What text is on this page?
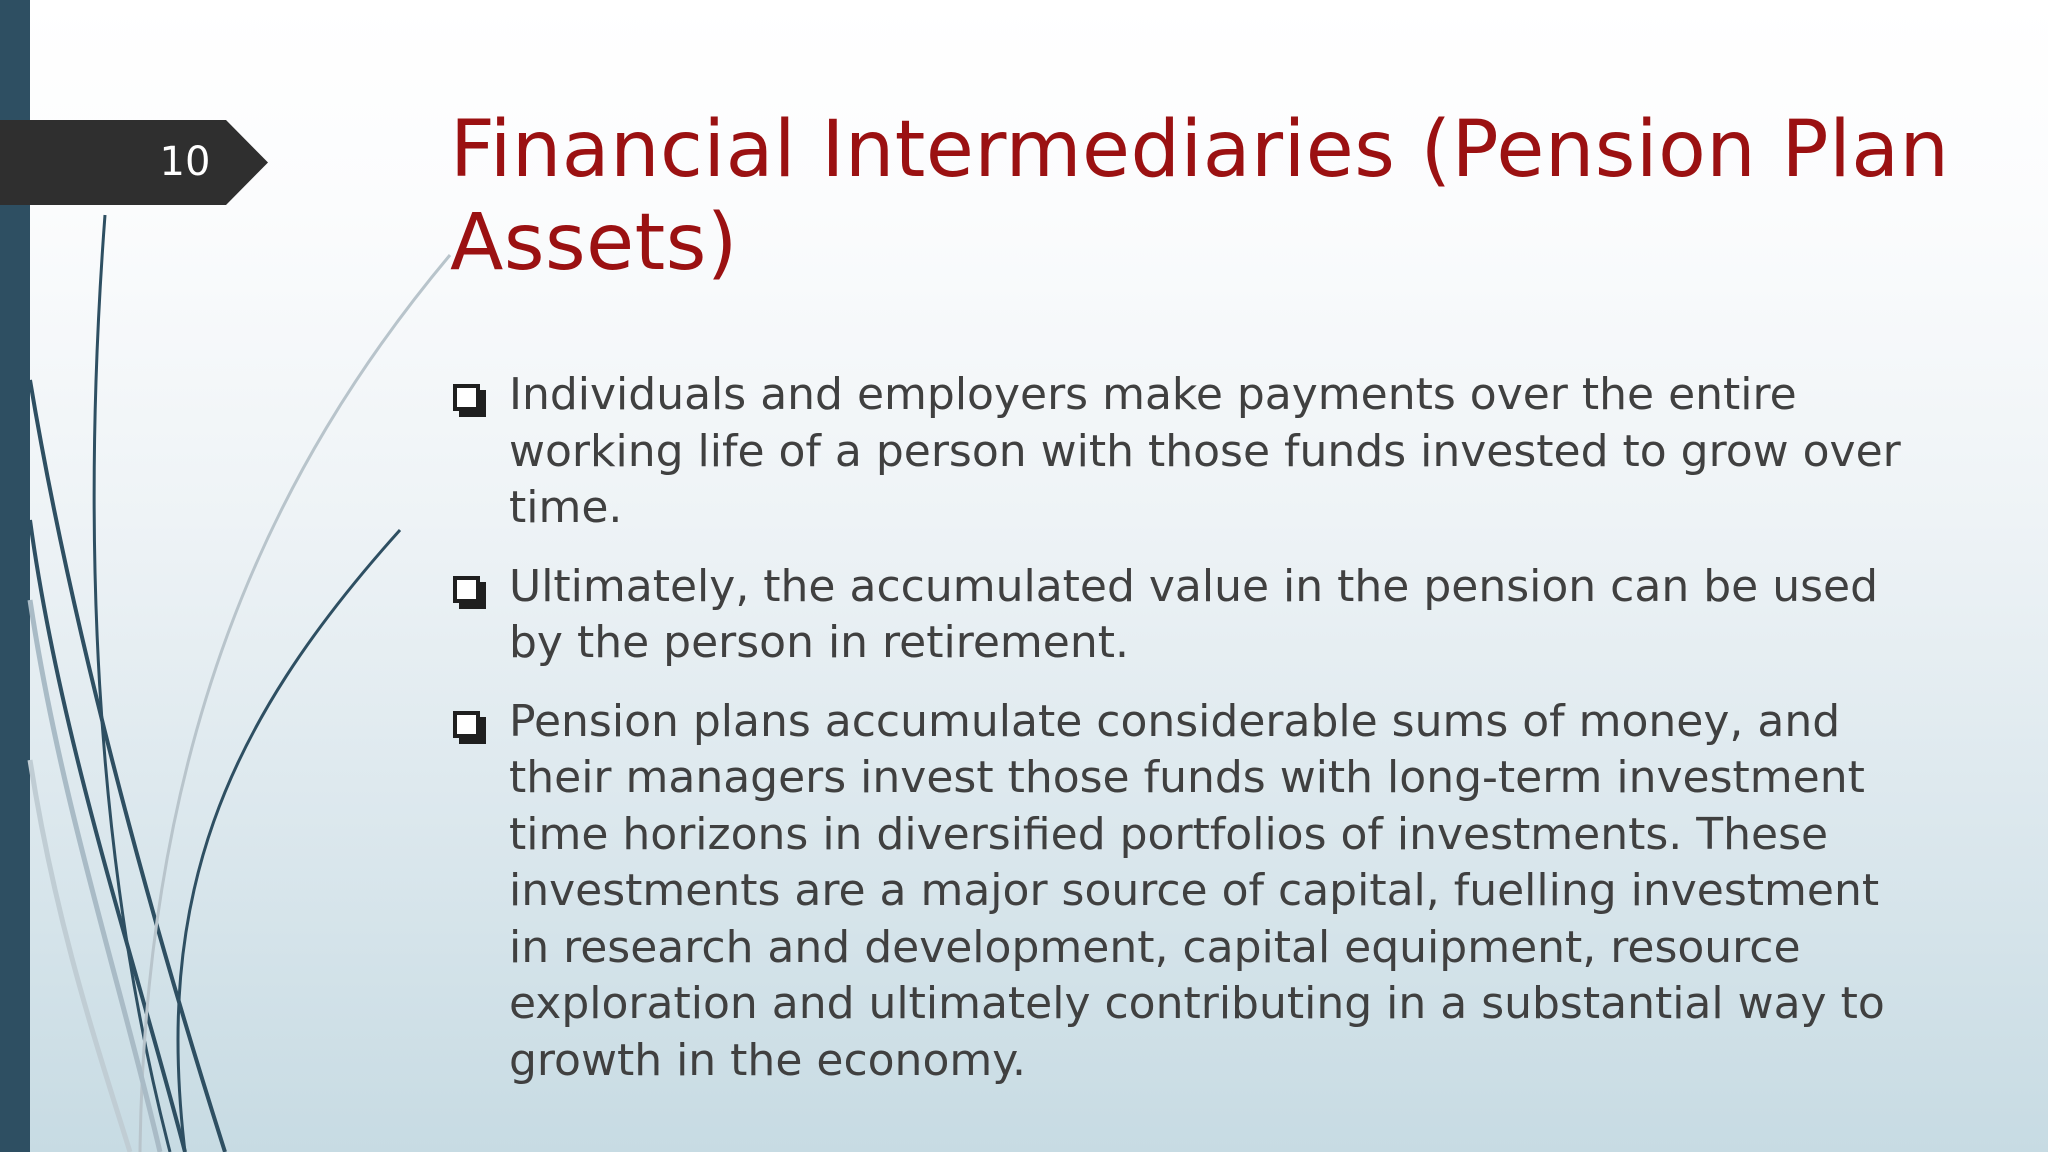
10	Financial Intermediaries (Pension Plan Assets)
Individuals and employers make payments over the entire working life of a person with those funds invested to grow over time.
Ultimately, the accumulated value in the pension can be used by the person in retirement.
Pension plans accumulate considerable sums of money, and their managers invest those funds with long-term investment time horizons in diversified portfolios of investments. These investments are a major source of capital, fuelling investment in research and development, capital equipment, resource exploration and ultimately contributing in a substantial way to growth in the economy.
